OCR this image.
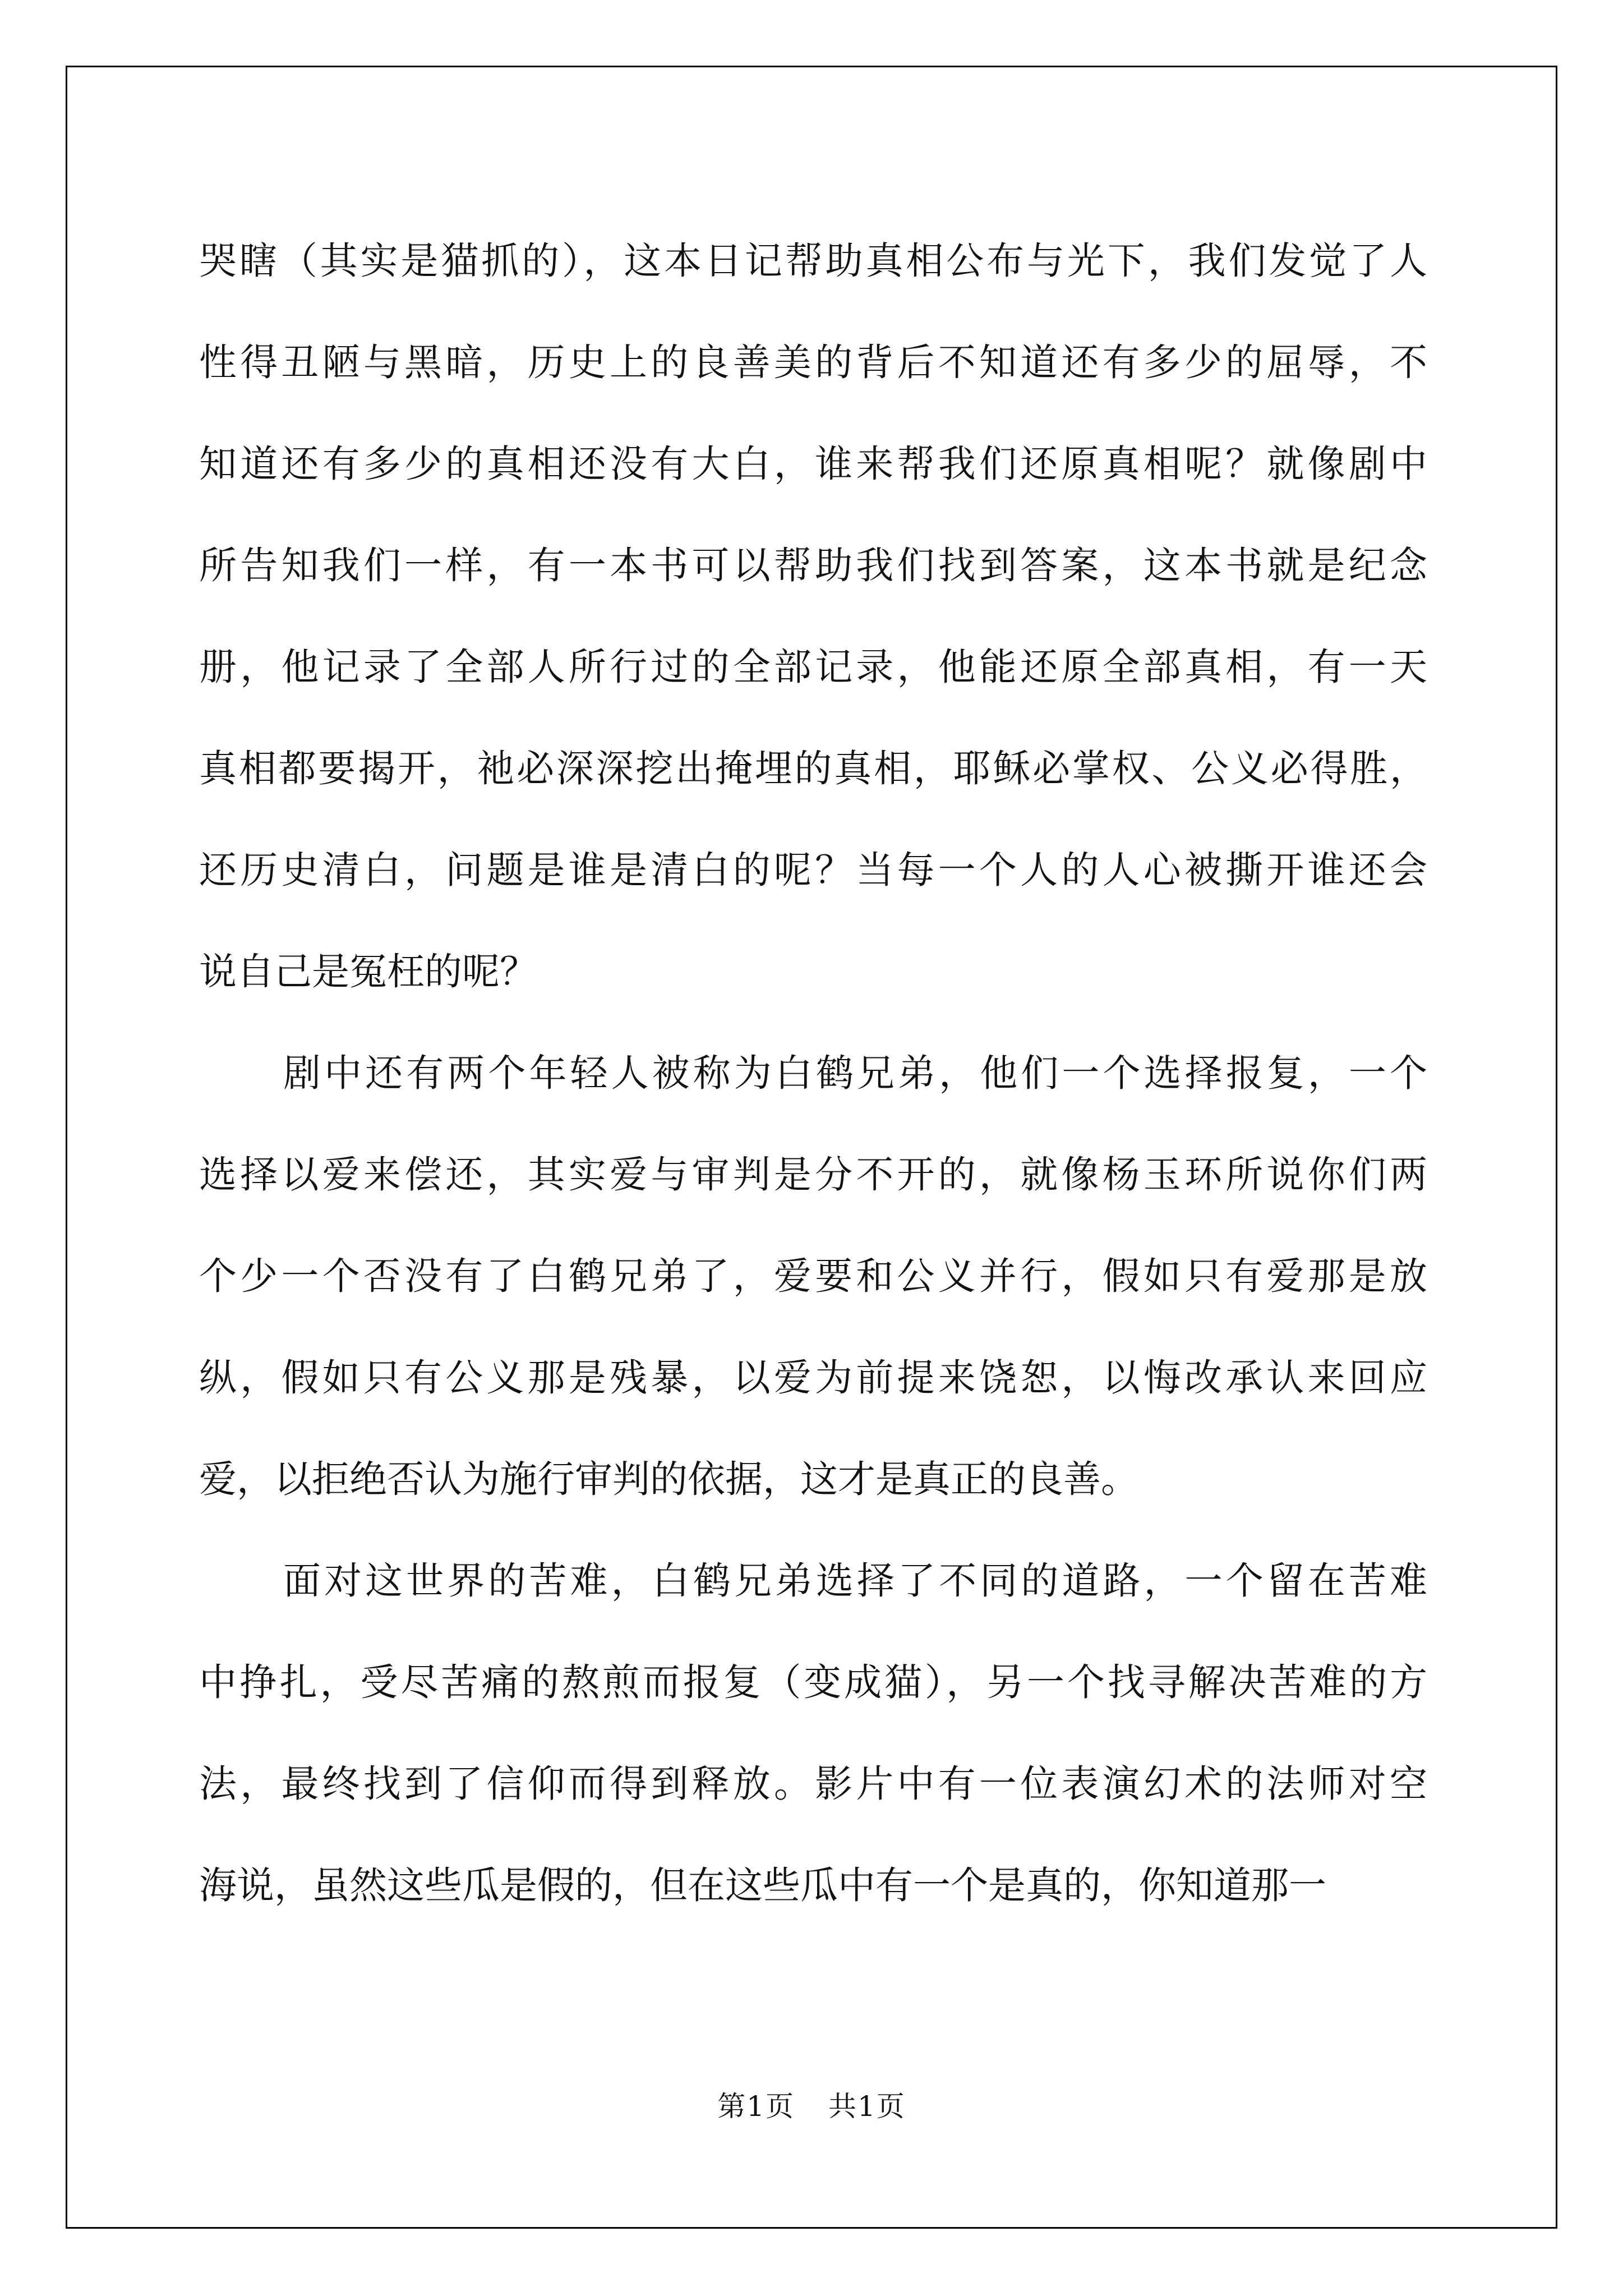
哭瞎（其实是猫抓的），这本日记帮助真相公布与光下，我们发觉了人
性得丑陋与黑暗，历史上的良善美的背后不知道还有多少的屈辱，不
知道还有多少的真相还没有大白，谁来帮我们还原真相呢？就像剧中
所告知我们一样，有一本书可以帮助我们找到答案，这本书就是纪念
册，他记录了全部人所行过的全部记录，他能还原全部真相，有一天
真相都要揭开，祂必深深挖出掩埋的真相，耶稣必掌权、公义必得胜，
还历史清白，问题是谁是清白的呢？当每一个人的人心被撕开谁还会
说自己是冤枉的呢？
剧中还有两个年轻人被称为白鹤兄弟，他们一个选择报复，一个
选择以爱来偿还，其实爱与审判是分不开的，就像杨玉环所说你们两
个少一个否没有了白鹤兄弟了，爱要和公义并行，假如只有爱那是放
纵，假如只有公义那是残暴，以爱为前提来饶恕，以悔改承认来回应
爱，以拒绝否认为施行审判的依据，这才是真正的良善。
面对这世界的苦难，白鹤兄弟选择了不同的道路，一个留在苦难
中挣扎，受尽苦痛的熬煎而报复（变成猫），另一个找寻解决苦难的方
法，最终找到了信仰而得到释放。影片中有一位表演幻术的法师对空
海说，虽然这些瓜是假的，但在这些瓜中有一个是真的，你知道那一
第1页 共1页
